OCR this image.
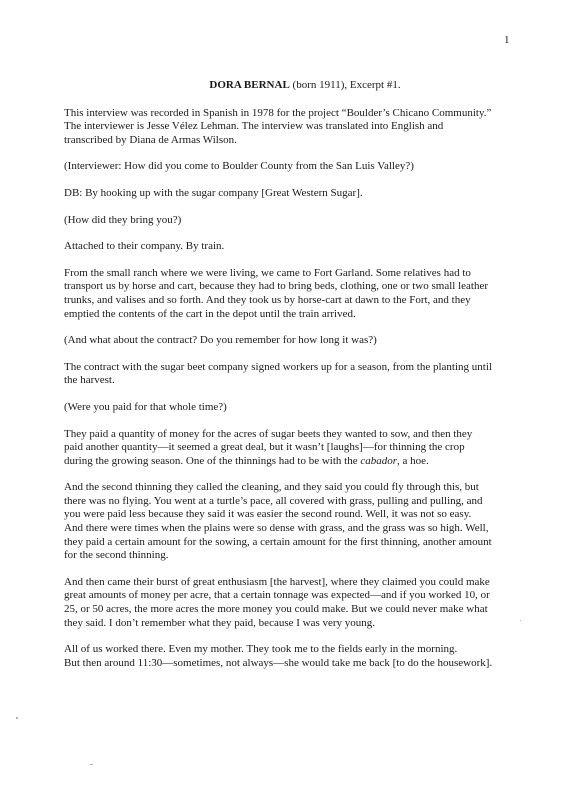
1
DORA BERNAL (born 1911), Excerpt #1.

This interview was recorded in Spanish in 1978 for the project “Boulder’s Chicano Community.”
The interviewer is Jesse Vélez Lehman. The interview was translated into English and
transcribed by Diana de Armas Wilson.

(Interviewer: How did you come to Boulder County from the San Luis Valley?)

DB: By hooking up with the sugar company [Great Western Sugar].

(How did they bring you?)

Attached to their company. By train.

From the small ranch where we were living, we came to Fort Garland. Some relatives had to
transport us by horse and cart, because they had to bring beds, clothing, one or two small leather
trunks, and valises and so forth. And they took us by horse-cart at dawn to the Fort, and they
emptied the contents of the cart in the depot until the train arrived.

(And what about the contract? Do you remember for how long it was?)

The contract with the sugar beet company signed workers up for a season, from the planting until
the harvest.

(Were you paid for that whole time?)

They paid a quantity of money for the acres of sugar beets they wanted to sow, and then they
paid another quantity—it seemed a great deal, but it wasn’t [laughs]—for thinning the crop
during the growing season. One of the thinnings had to be with the cabador, a hoe.

And the second thinning they called the cleaning, and they said you could fly through this, but
there was no flying. You went at a turtle’s pace, all covered with grass, pulling and pulling, and
you were paid less because they said it was easier the second round. Well, it was not so easy.
And there were times when the plains were so dense with grass, and the grass was so high. Well,
they paid a certain amount for the sowing, a certain amount for the first thinning, another amount
for the second thinning.

And then came their burst of great enthusiasm [the harvest], where they claimed you could make
great amounts of money per acre, that a certain tonnage was expected—and if you worked 10, or
25, or 50 acres, the more acres the more money you could make. But we could never make what
they said. I don’t remember what they paid, because I was very young.

All of us worked there. Even my mother. They took me to the fields early in the morning.
But then around 11:30—sometimes, not always—she would take me back [to do the housework].
